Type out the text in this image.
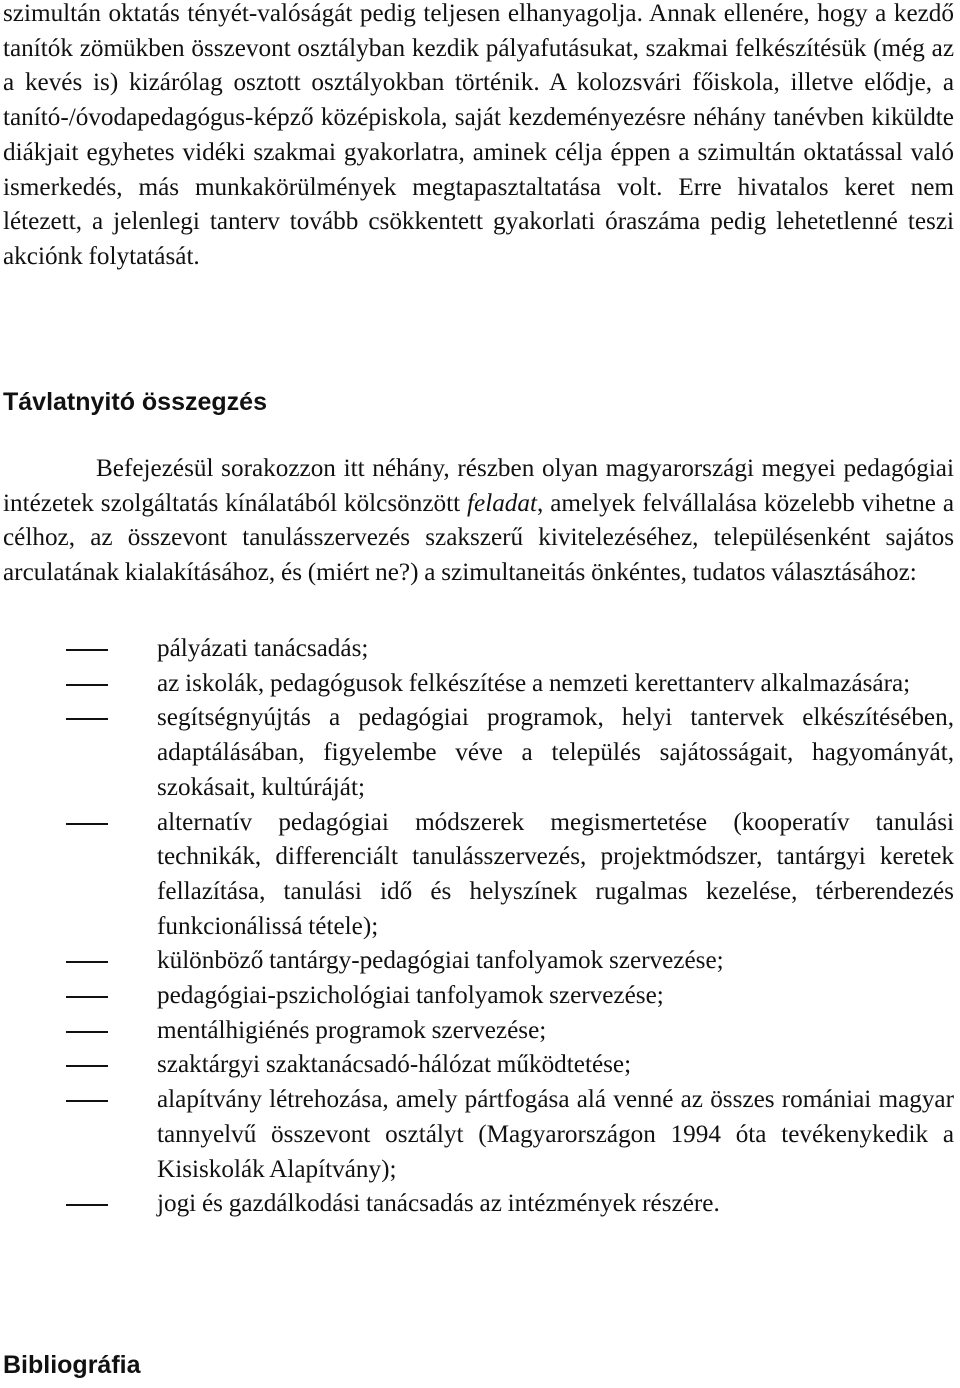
szimultán oktatás tényét-valóságát pedig teljesen elhanyagolja. Annak ellenére, hogy a kezdő tanítók zömükben összevont osztályban kezdik pályafutásukat, szakmai felkészítésük (még az a kevés is) kizárólag osztott osztályokban történik. A kolozsvári főiskola, illetve elődje, a tanító-/óvodapedagógus-képző középiskola, saját kezdeményezésre néhány tanévben kiküldte diákjait egyhetes vidéki szakmai gyakorlatra, aminek célja éppen a szimultán oktatással való ismerkedés, más munkakörülmények megtapasztaltatása volt. Erre hivatalos keret nem létezett, a jelenlegi tanterv tovább csökkentett gyakorlati óraszáma pedig lehetetlenné teszi akciónk folytatását.

Távlatnyitó összegzés

Befejezésül sorakozzon itt néhány, részben olyan magyarországi megyei pedagógiai intézetek szolgáltatás kínálatából kölcsönzött feladat, amelyek felvállalása közelebb vihetne a célhoz, az összevont tanulásszervezés szakszerű kivitelezéséhez, településenként sajátos arculatának kialakításához, és (miért ne?) a szimultaneitás önkéntes, tudatos választásához:

pályázati tanácsadás;
az iskolák, pedagógusok felkészítése a nemzeti kerettanterv alkalmazására;
segítségnyújtás a pedagógiai programok, helyi tantervek elkészítésében, adaptálásában, figyelembe véve a település sajátosságait, hagyományát, szokásait, kultúráját;
alternatív pedagógiai módszerek megismertetése (kooperatív tanulási technikák, differenciált tanulásszervezés, projektmódszer, tantárgyi keretek fellazítása, tanulási idő és helyszínek rugalmas kezelése, térberendezés funkcionálissá tétele);
különböző tantárgy-pedagógiai tanfolyamok szervezése;
pedagógiai-pszichológiai tanfolyamok szervezése;
mentálhigiénés programok szervezése;
szaktárgyi szaktanácsadó-hálózat működtetése;
alapítvány létrehozása, amely pártfogása alá venné az összes romániai magyar tannyelvű összevont osztályt (Magyarországon 1994 óta tevékenykedik a Kisiskolák Alapítvány);
jogi és gazdálkodási tanácsadás az intézmények részére.
Bibliográfia
